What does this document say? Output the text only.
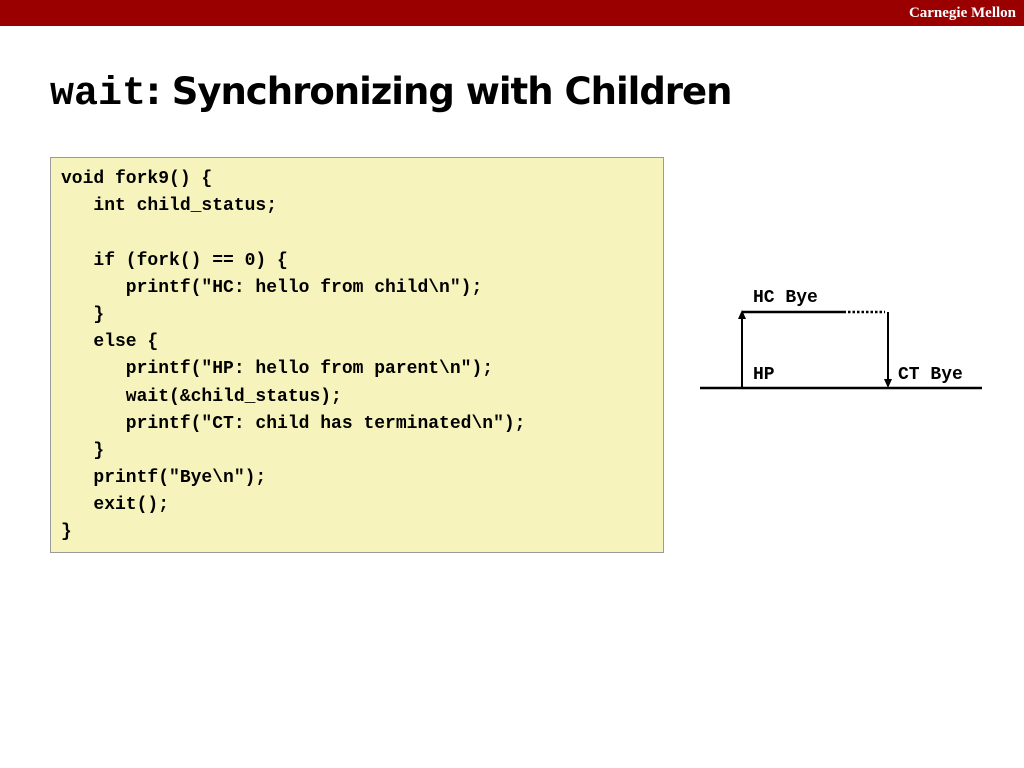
Carnegie Mellon
wait: Synchronizing with Children
void fork9() {
int child_status;
if (fork() == 0) {
printf("HC: hello from child\n");
}
else {
printf("HP: hello from parent\n");
wait(&child_status);
printf("CT: child has terminated\n");
}
printf("Bye\n");
exit();
}
HC Bye
HP	CT Bye
